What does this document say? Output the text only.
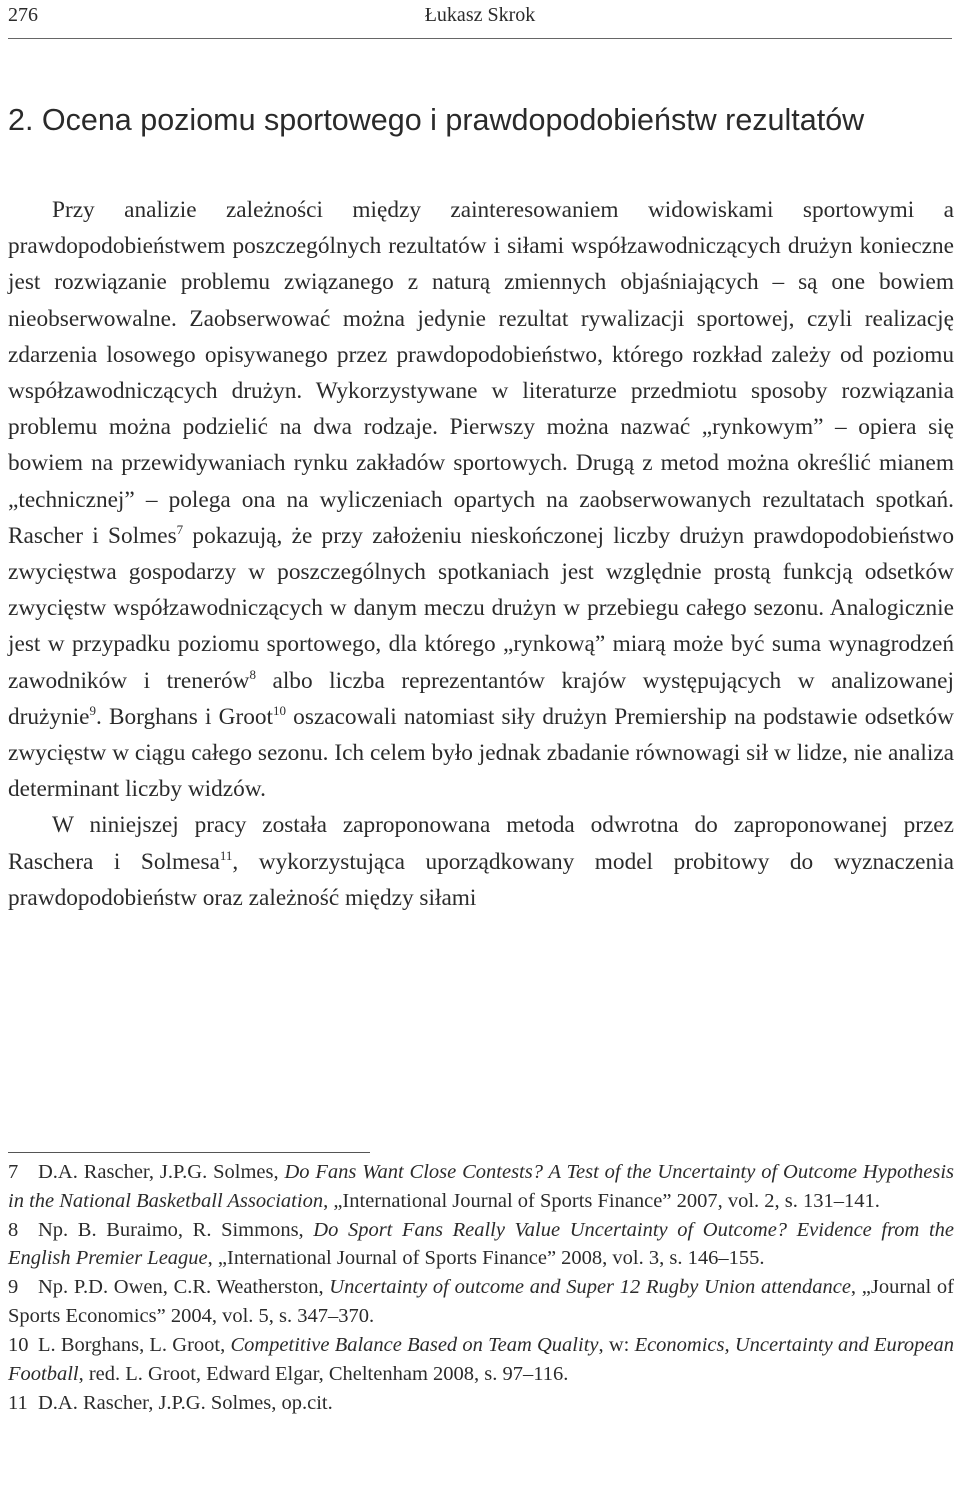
276	Łukasz Skrok
2. Ocena poziomu sportowego i prawdopodobieństw rezultatów

Przy analizie zależności między zainteresowaniem widowiskami sportowymi a prawdopodobieństwem poszczególnych rezultatów i siłami współzawodniczących drużyn konieczne jest rozwiązanie problemu związanego z naturą zmiennych objaśniających – są one bowiem nieobserwowalne. Zaobserwować można jedynie rezultat rywalizacji sportowej, czyli realizację zdarzenia losowego opisywanego przez prawdopodobieństwo, którego rozkład zależy od poziomu współzawodniczących drużyn. Wykorzystywane w literaturze przedmiotu sposoby rozwiązania problemu można podzielić na dwa rodzaje. Pierwszy można nazwać „rynkowym” – opiera się bowiem na przewidywaniach rynku zakładów sportowych. Drugą z metod można określić mianem „technicznej” – polega ona na wyliczeniach opartych na zaobserwowanych rezultatach spotkań. Rascher i Solmes$^7$ pokazują, że przy założeniu nieskończonej liczby drużyn prawdopodobieństwo zwycięstwa gospodarzy w poszczególnych spotkaniach jest względnie prostą funkcją odsetków zwycięstw współzawodniczących w danym meczu drużyn w przebiegu całego sezonu. Analogicznie jest w przypadku poziomu sportowego, dla którego „rynkową” miarą może być suma wynagrodzeń zawodników i trenerów$^8$ albo liczba reprezentantów krajów występujących w analizowanej drużynie$^9$. Borghans i Groot$^{10}$ oszacowali natomiast siły drużyn Premiership na podstawie odsetków zwycięstw w ciągu całego sezonu. Ich celem było jednak zbadanie równowagi sił w lidze, nie analiza determinant liczby widzów.

W niniejszej pracy została zaproponowana metoda odwrotna do zaproponowanej przez Raschera i Solmesa$^{11}$, wykorzystująca uporządkowany model probitowy do wyznaczenia prawdopodobieństw oraz zależność między siłami

7 D.A. Rascher, J.P.G. Solmes, Do Fans Want Close Contests? A Test of the Uncertainty of Outcome Hypothesis in the National Basketball Association, „International Journal of Sports Finance” 2007, vol. 2, s. 131–141.
8 Np. B. Buraimo, R. Simmons, Do Sport Fans Really Value Uncertainty of Outcome? Evidence from the English Premier League, „International Journal of Sports Finance” 2008, vol. 3, s. 146–155.
9 Np. P.D. Owen, C.R. Weatherston, Uncertainty of outcome and Super 12 Rugby Union attendance, „Journal of Sports Economics” 2004, vol. 5, s. 347–370.
10 L. Borghans, L. Groot, Competitive Balance Based on Team Quality, w: Economics, Uncertainty and European Football, red. L. Groot, Edward Elgar, Cheltenham 2008, s. 97–116.
11 D.A. Rascher, J.P.G. Solmes, op.cit.
